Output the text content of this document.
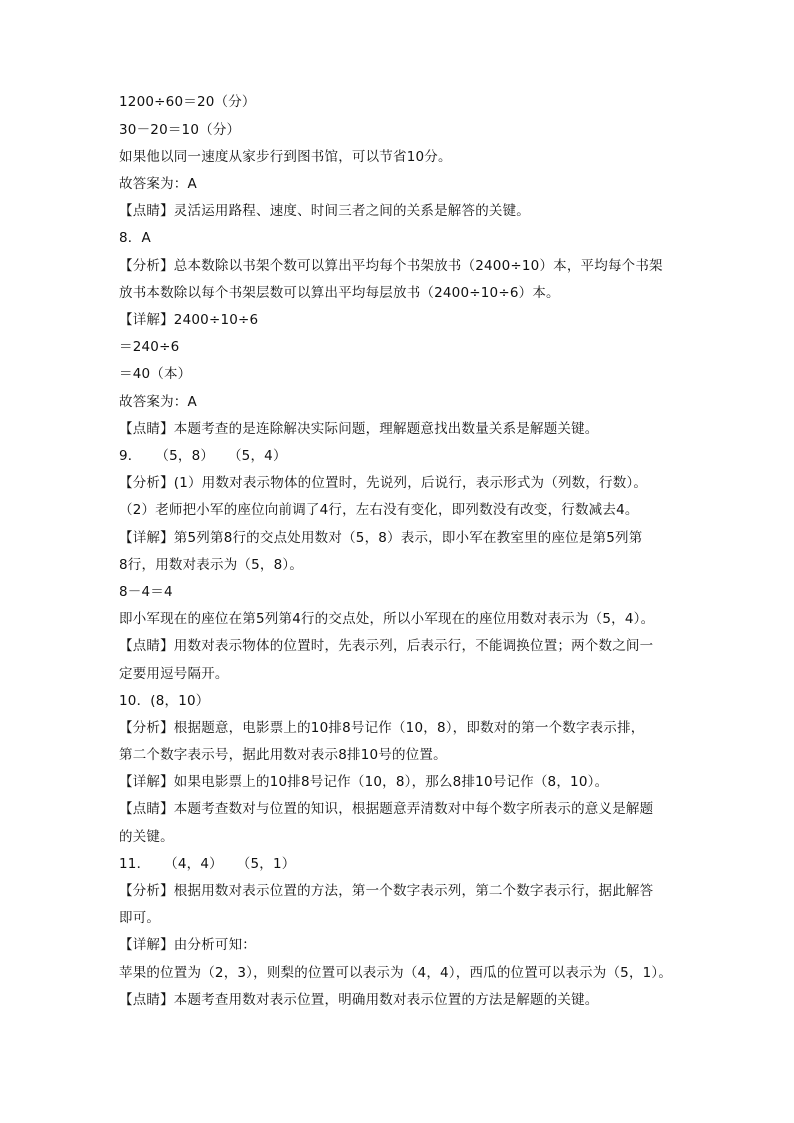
1200÷60＝20（分）
30－20＝10（分）
如果他以同一速度从家步行到图书馆，可以节省10分。
故答案为：A
【点睛】灵活运用路程、速度、时间三者之间的关系是解答的关键。
8．A
【分析】总本数除以书架个数可以算出平均每个书架放书（2400÷10）本，平均每个书架
放书本数除以每个书架层数可以算出平均每层放书（2400÷10÷6）本。
【详解】2400÷10÷6
＝240÷6
＝40（本）
故答案为：A
【点睛】本题考查的是连除解决实际问题，理解题意找出数量关系是解题关键。
9．　　（5，8）　　（5，4）
【分析】(1）用数对表示物体的位置时，先说列，后说行，表示形式为（列数，行数）。
（2）老师把小军的座位向前调了4行，左右没有变化，即列数没有改变，行数减去4。
【详解】第5列第8行的交点处用数对（5，8）表示，即小军在教室里的座位是第5列第
8行，用数对表示为（5，8）。
8－4＝4
即小军现在的座位在第5列第4行的交点处，所以小军现在的座位用数对表示为（5，4）。
【点睛】用数对表示物体的位置时，先表示列，后表示行，不能调换位置；两个数之间一
定要用逗号隔开。
10．(8，10）
【分析】根据题意，电影票上的10排8号记作（10，8），即数对的第一个数字表示排，
第二个数字表示号，据此用数对表示8排10号的位置。
【详解】如果电影票上的10排8号记作（10，8），那么8排10号记作（8，10）。
【点睛】本题考查数对与位置的知识，根据题意弄清数对中每个数字所表示的意义是解题
的关键。
11．　　（4，4）　　（5，1）
【分析】根据用数对表示位置的方法，第一个数字表示列，第二个数字表示行，据此解答
即可。
【详解】由分析可知：
苹果的位置为（2，3），则梨的位置可以表示为（4，4），西瓜的位置可以表示为（5，1）。
【点睛】本题考查用数对表示位置，明确用数对表示位置的方法是解题的关键。
